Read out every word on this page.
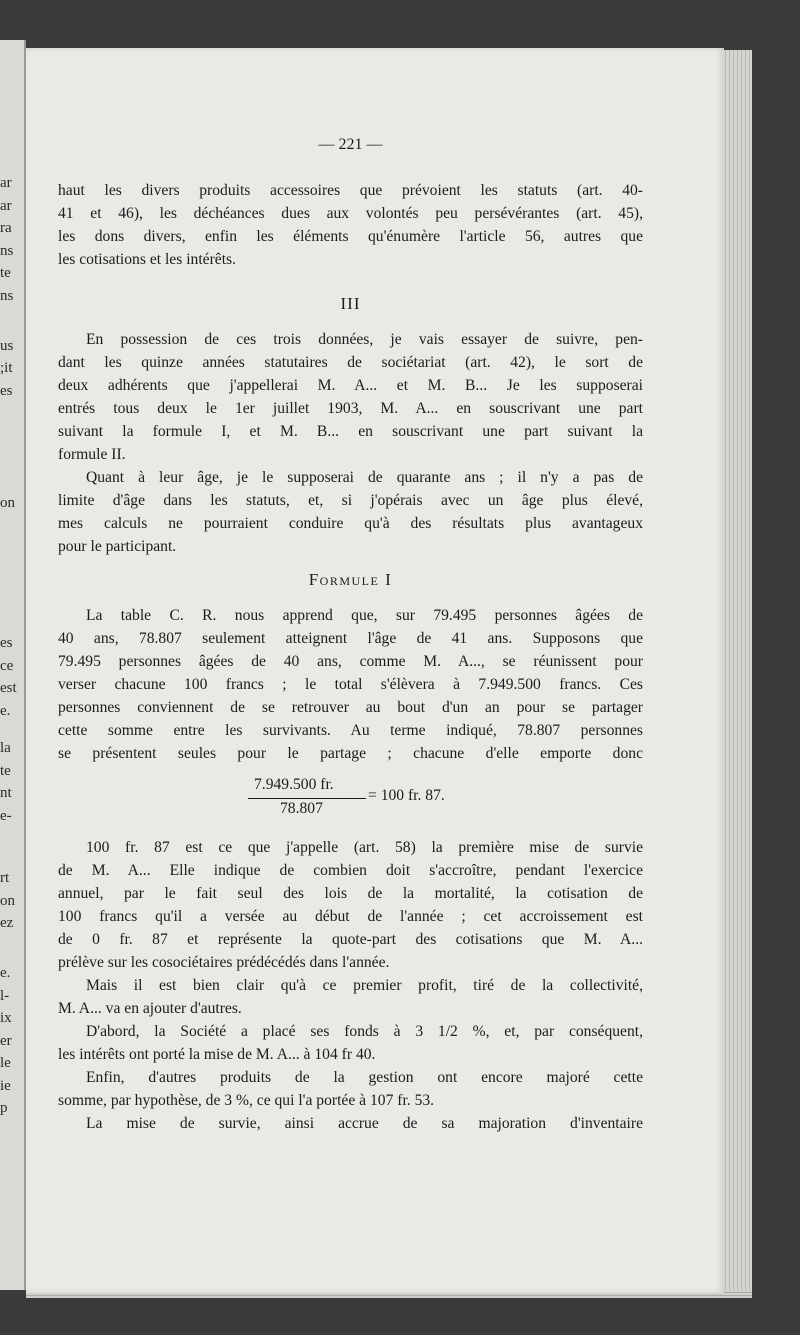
ar
ar
ra
ns
te
ns
us
;it
es
on
es
ce
est
e.
la
te
nt
e-
rt
on
ez
e.
l-
ix
er
le
ie
p
— 221 —
haut les divers produits accessoires que prévoient les statuts (art. 40-
41 et 46), les déchéances dues aux volontés peu persévérantes (art. 45),
les dons divers, enfin les éléments qu'énumère l'article 56, autres que
les cotisations et les intérêts.
III
En possession de ces trois données, je vais essayer de suivre, pen-
dant les quinze années statutaires de sociétariat (art. 42), le sort de
deux adhérents que j'appellerai M. A... et M. B... Je les supposerai
entrés tous deux le 1er juillet 1903, M. A... en souscrivant une part
suivant la formule I, et M. B... en souscrivant une part suivant la
formule II.
Quant à leur âge, je le supposerai de quarante ans ; il n'y a pas de
limite d'âge dans les statuts, et, si j'opérais avec un âge plus élevé,
mes calculs ne pourraient conduire qu'à des résultats plus avantageux
pour le participant.
Formule I
La table C. R. nous apprend que, sur 79.495 personnes âgées de
40 ans, 78.807 seulement atteignent l'âge de 41 ans. Supposons que
79.495 personnes âgées de 40 ans, comme M. A..., se réunissent pour
verser chacune 100 francs ; le total s'élèvera à 7.949.500 francs. Ces
personnes conviennent de se retrouver au bout d'un an pour se partager
cette somme entre les survivants. Au terme indiqué, 78.807 personnes
se présentent seules pour le partage ; chacune d'elle emporte donc
7.949.500 fr.
78.807
= 100 fr. 87.
100 fr. 87 est ce que j'appelle (art. 58) la première mise de survie
de M. A... Elle indique de combien doit s'accroître, pendant l'exercice
annuel, par le fait seul des lois de la mortalité, la cotisation de
100 francs qu'il a versée au début de l'année ; cet accroissement est
de 0 fr. 87 et représente la quote-part des cotisations que M. A...
prélève sur les cosociétaires prédécédés dans l'année.
Mais il est bien clair qu'à ce premier profit, tiré de la collectivité,
M. A... va en ajouter d'autres.
D'abord, la Société a placé ses fonds à 3 1/2 %, et, par conséquent,
les intérêts ont porté la mise de M. A... à 104 fr 40.
Enfin, d'autres produits de la gestion ont encore majoré cette
somme, par hypothèse, de 3 %, ce qui l'a portée à 107 fr. 53.
La mise de survie, ainsi accrue de sa majoration d'inventaire
